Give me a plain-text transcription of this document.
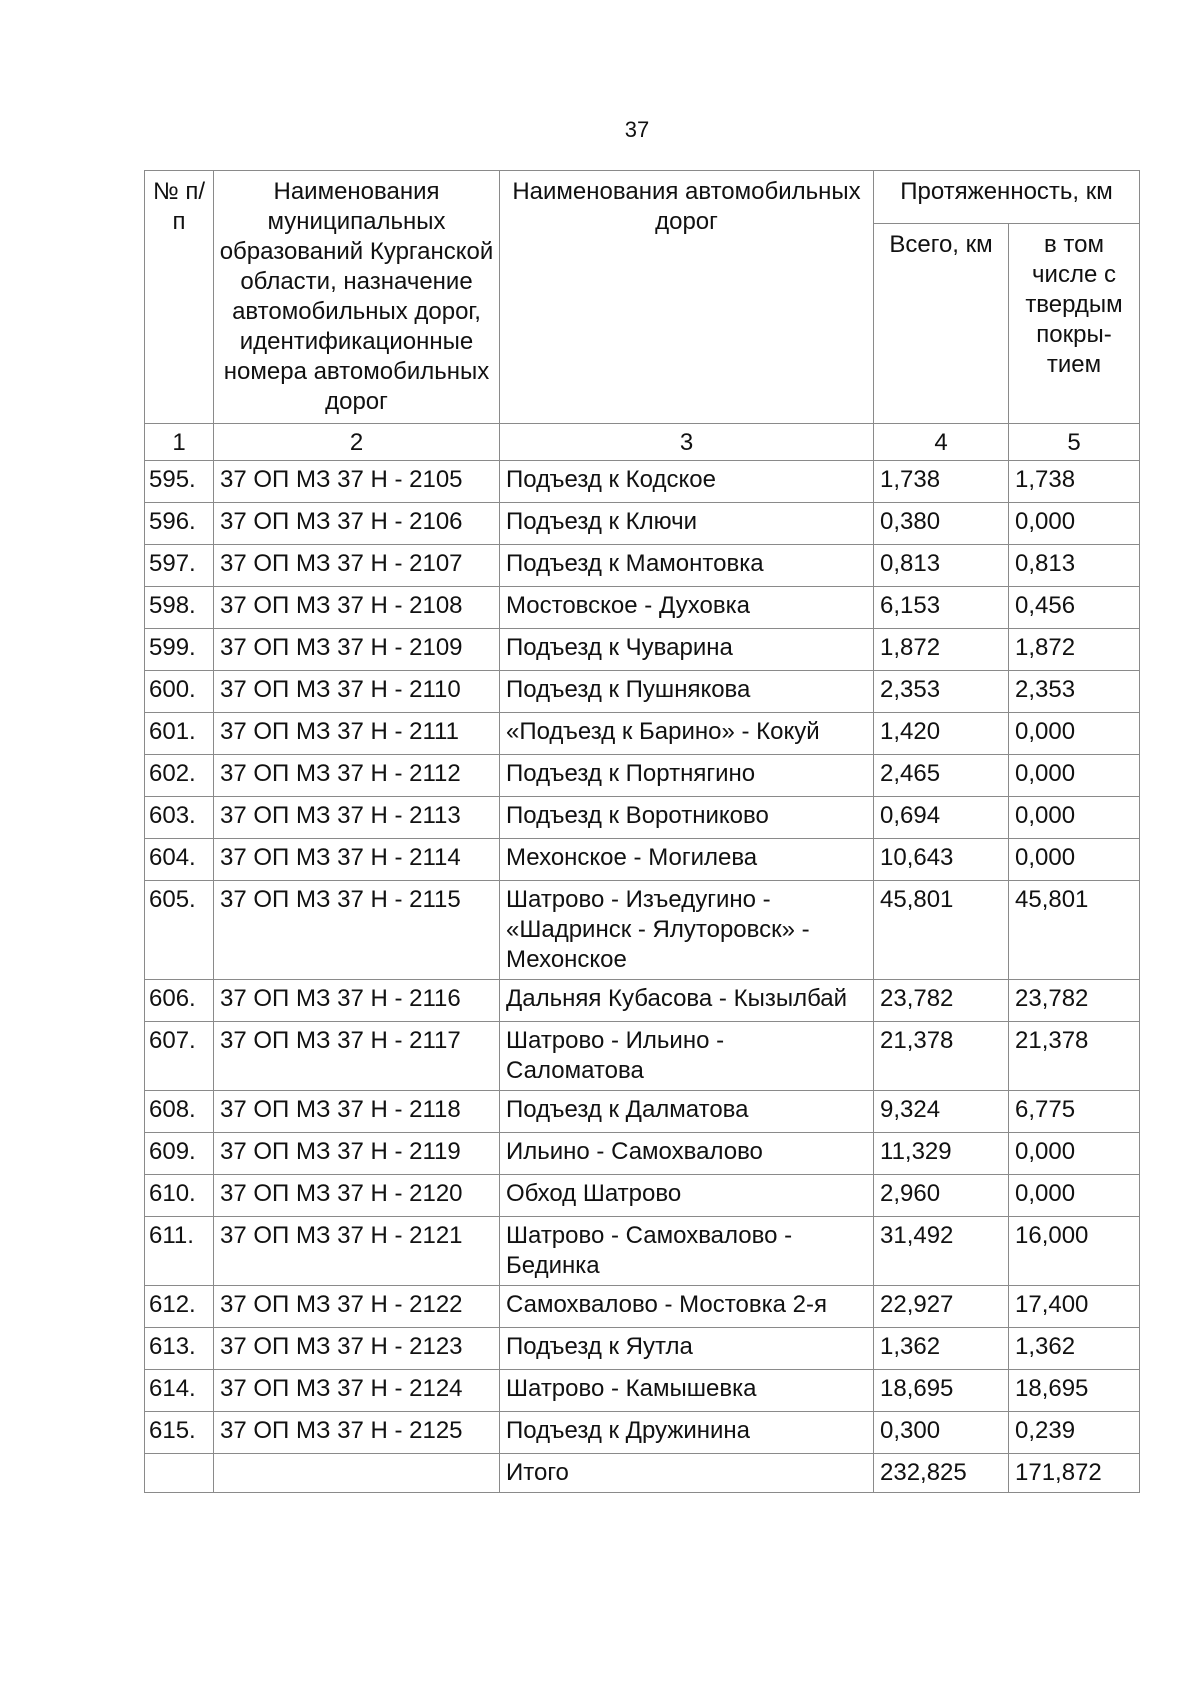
37
№ п/п	Наименования муниципальных образований Курганской области, назначение автомобильных дорог, идентификационные номера автомобильных дорог	Наименования автомобильных дорог	Протяженность, км	
			Всего, км	в том числе с твердым покры-тием
1	2	3	4	5
595.	37 ОП МЗ 37 Н - 2105	Подъезд к Кодское	1,738	1,738
596.	37 ОП МЗ 37 Н - 2106	Подъезд к Ключи	0,380	0,000
597.	37 ОП МЗ 37 Н - 2107	Подъезд к Мамонтовка	0,813	0,813
598.	37 ОП МЗ 37 Н - 2108	Мостовское - Духовка	6,153	0,456
599.	37 ОП МЗ 37 Н - 2109	Подъезд к Чуварина	1,872	1,872
600.	37 ОП МЗ 37 Н - 2110	Подъезд к Пушнякова	2,353	2,353
601.	37 ОП МЗ 37 Н - 2111	«Подъезд к Барино» - Кокуй	1,420	0,000
602.	37 ОП МЗ 37 Н - 2112	Подъезд к Портнягино	2,465	0,000
603.	37 ОП МЗ 37 Н - 2113	Подъезд к Воротниково	0,694	0,000
604.	37 ОП МЗ 37 Н - 2114	Мехонское - Могилева	10,643	0,000
605.	37 ОП МЗ 37 Н - 2115	Шатрово - Изъедугино - «Шадринск - Ялуторовск» - Мехонское	45,801	45,801
606.	37 ОП МЗ 37 Н - 2116	Дальняя Кубасова - Кызылбай	23,782	23,782
607.	37 ОП МЗ 37 Н - 2117	Шатрово - Ильино - Саломатова	21,378	21,378
608.	37 ОП МЗ 37 Н - 2118	Подъезд к Далматова	9,324	6,775
609.	37 ОП МЗ 37 Н - 2119	Ильино - Самохвалово	11,329	0,000
610.	37 ОП МЗ 37 Н - 2120	Обход Шатрово	2,960	0,000
611.	37 ОП МЗ 37 Н - 2121	Шатрово - Самохвалово - Бединка	31,492	16,000
612.	37 ОП МЗ 37 Н - 2122	Самохвалово - Мостовка 2-я	22,927	17,400
613.	37 ОП МЗ 37 Н - 2123	Подъезд к Яутла	1,362	1,362
614.	37 ОП МЗ 37 Н - 2124	Шатрово - Камышевка	18,695	18,695
615.	37 ОП МЗ 37 Н - 2125	Подъезд к Дружинина	0,300	0,239
		Итого	232,825	171,872
